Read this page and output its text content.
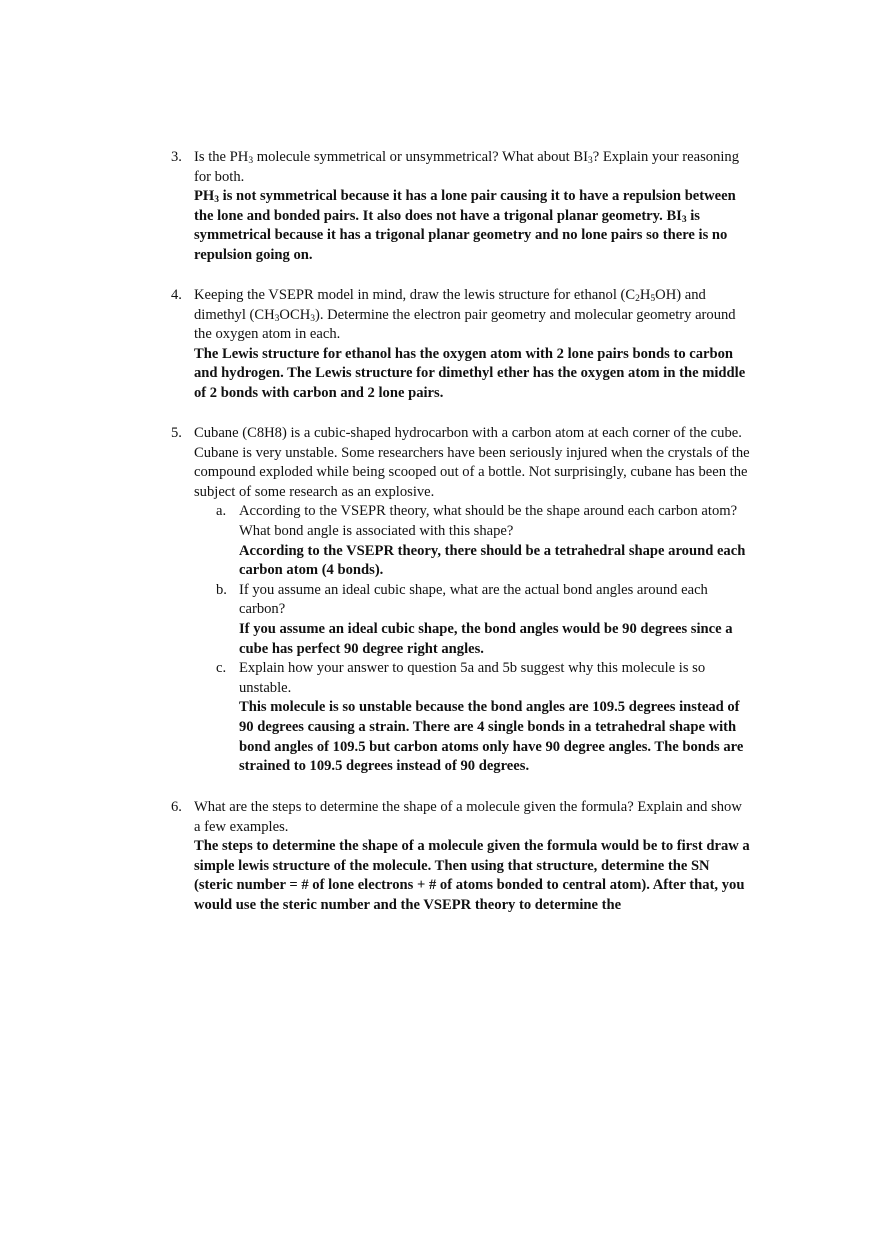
3. Is the $PH_3$ molecule symmetrical or unsymmetrical? What about $BI_3$? Explain your reasoning for both.
$PH_3$ is not symmetrical because it has a lone pair causing it to have a repulsion between the lone and bonded pairs. It also does not have a trigonal planar geometry. $BI_3$ is symmetrical because it has a trigonal planar geometry and no lone pairs so there is no repulsion going on.
4. Keeping the VSEPR model in mind, draw the lewis structure for ethanol $(C_2H_5OH)$ and dimethyl $(CH_3OCH_3)$. Determine the electron pair geometry and molecular geometry around the oxygen atom in each.
The Lewis structure for ethanol has the oxygen atom with 2 lone pairs bonds to carbon and hydrogen. The Lewis structure for dimethyl ether has the oxygen atom in the middle of 2 bonds with carbon and 2 lone pairs.
5. Cubane (C8H8) is a cubic-shaped hydrocarbon with a carbon atom at each corner of the cube. Cubane is very unstable. Some researchers have been seriously injured when the crystals of the compound exploded while being scooped out of a bottle. Not surprisingly, cubane has been the subject of some research as an explosive.
a. According to the VSEPR theory, what should be the shape around each carbon atom? What bond angle is associated with this shape?
According to the VSEPR theory, there should be a tetrahedral shape around each carbon atom (4 bonds).
b. If you assume an ideal cubic shape, what are the actual bond angles around each carbon?
If you assume an ideal cubic shape, the bond angles would be 90 degrees since a cube has perfect 90 degree right angles.
c. Explain how your answer to question 5a and 5b suggest why this molecule is so unstable.
This molecule is so unstable because the bond angles are 109.5 degrees instead of 90 degrees causing a strain. There are 4 single bonds in a tetrahedral shape with bond angles of 109.5 but carbon atoms only have 90 degree angles. The bonds are strained to 109.5 degrees instead of 90 degrees.
6. What are the steps to determine the shape of a molecule given the formula? Explain and show a few examples.
The steps to determine the shape of a molecule given the formula would be to first draw a simple lewis structure of the molecule. Then using that structure, determine the SN (steric number = # of lone electrons + # of atoms bonded to central atom). After that, you would use the steric number and the VSEPR theory to determine the
